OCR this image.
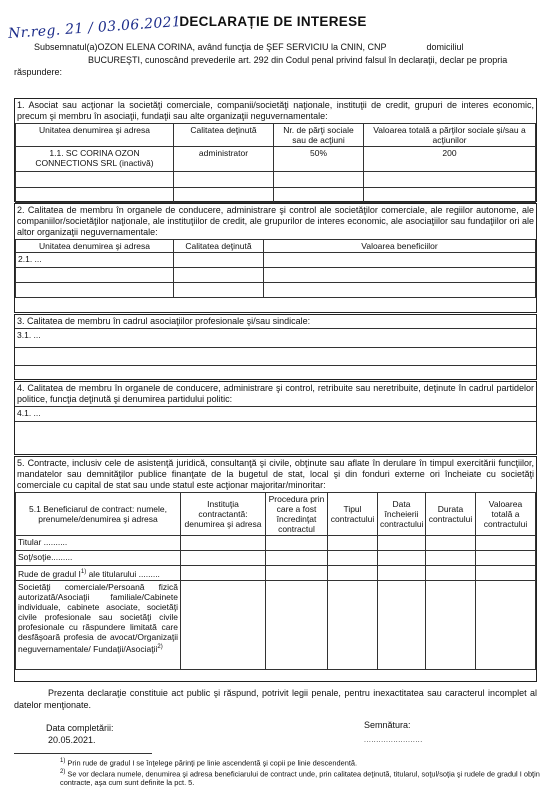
Nr.reg. 21 / 03.06.2021
DECLARAȚIE DE INTERESE
Subsemnatul(a)OZON ELENA CORINA, având funcţia de ŞEF SERVICIU la CNIN, CNP	domiciliul
BUCUREŞTI, cunoscând prevederile art. 292 din Codul penal privind falsul în declaraţii, declar pe propria
răspundere:
1. Asociat sau acţionar la societăţi comerciale, companii/societăţi naţionale, instituţii de credit, grupuri de interes economic, precum şi membru în asociaţii, fundaţii sau alte organizaţii neguvernamentale:
Unitatea denumirea şi adresa	Calitatea deţinută	Nr. de părţi sociale sau de acţiuni	Valoarea totală a părţilor sociale şi/sau a acţiunilor
1.1. SC CORINA OZON CONNECTIONS SRL (inactivă)	administrator	50%	200

2. Calitatea de membru în organele de conducere, administrare şi control ale societăţilor comerciale, ale regiilor autonome, ale companiilor/societăţilor naţionale, ale instituţiilor de credit, ale grupurilor de interes economic, ale asociaţiilor sau fundaţiilor ori ale altor organizaţii neguvernamentale:
Unitatea denumirea şi adresa	Calitatea deţinută	Valoarea beneficiilor
2.1. ...		

3. Calitatea de membru în cadrul asociaţiilor profesionale şi/sau sindicale:
3.1. ...

4. Calitatea de membru în organele de conducere, administrare şi control, retribuite sau neretribuite, deţinute în cadrul partidelor politice, funcţia deţinută şi denumirea partidului politic:
4.1. ...

5. Contracte, inclusiv cele de asistenţă juridică, consultanţă şi civile, obţinute sau aflate în derulare în timpul exercitării funcţiilor, mandatelor sau demnităţilor publice finanţate de la bugetul de stat, local şi din fonduri externe ori încheiate cu societăţi comerciale cu capital de stat sau unde statul este acţionar majoritar/minoritar:
5.1 Beneficiarul de contract: numele, prenumele/denumirea şi adresa	Instituţia contractantă: denumirea şi adresa	Procedura prin care a fost încredinţat contractul	Tipul contractului	Data încheierii contractului	Durata contractului	Valoarea totală a contractului
Titular ..........						
Soţ/soţie.........						
Rude de gradul $I^{1)}$ ale titularului .........						
Societăţi comerciale/Persoană fizică autorizată/Asociaţii familiale/Cabinete individuale, cabinete asociate, societăţi civile profesionale sau societăţi civile profesionale cu răspundere limitată care desfăşoară profesia de avocat/Organizaţii neguvernamentale/ Fundaţii/Asociaţii$^{2)}$						
Prezenta declaraţie constituie act public şi răspund, potrivit legii penale, pentru inexactitatea sau caracterul incomplet al datelor menţionate.
Data completării:
20.05.2021.
Semnătura:
........................
$^{1)}$ Prin rude de gradul I se înţelege părinţi pe linie ascendentă şi copii pe linie descendentă.
$^{2)}$ Se vor declara numele, denumirea şi adresa beneficiarului de contract unde, prin calitatea deţinută, titularul, soţul/soţia şi rudele de gradul I obţin contracte, aşa cum sunt definite la pct. 5.
